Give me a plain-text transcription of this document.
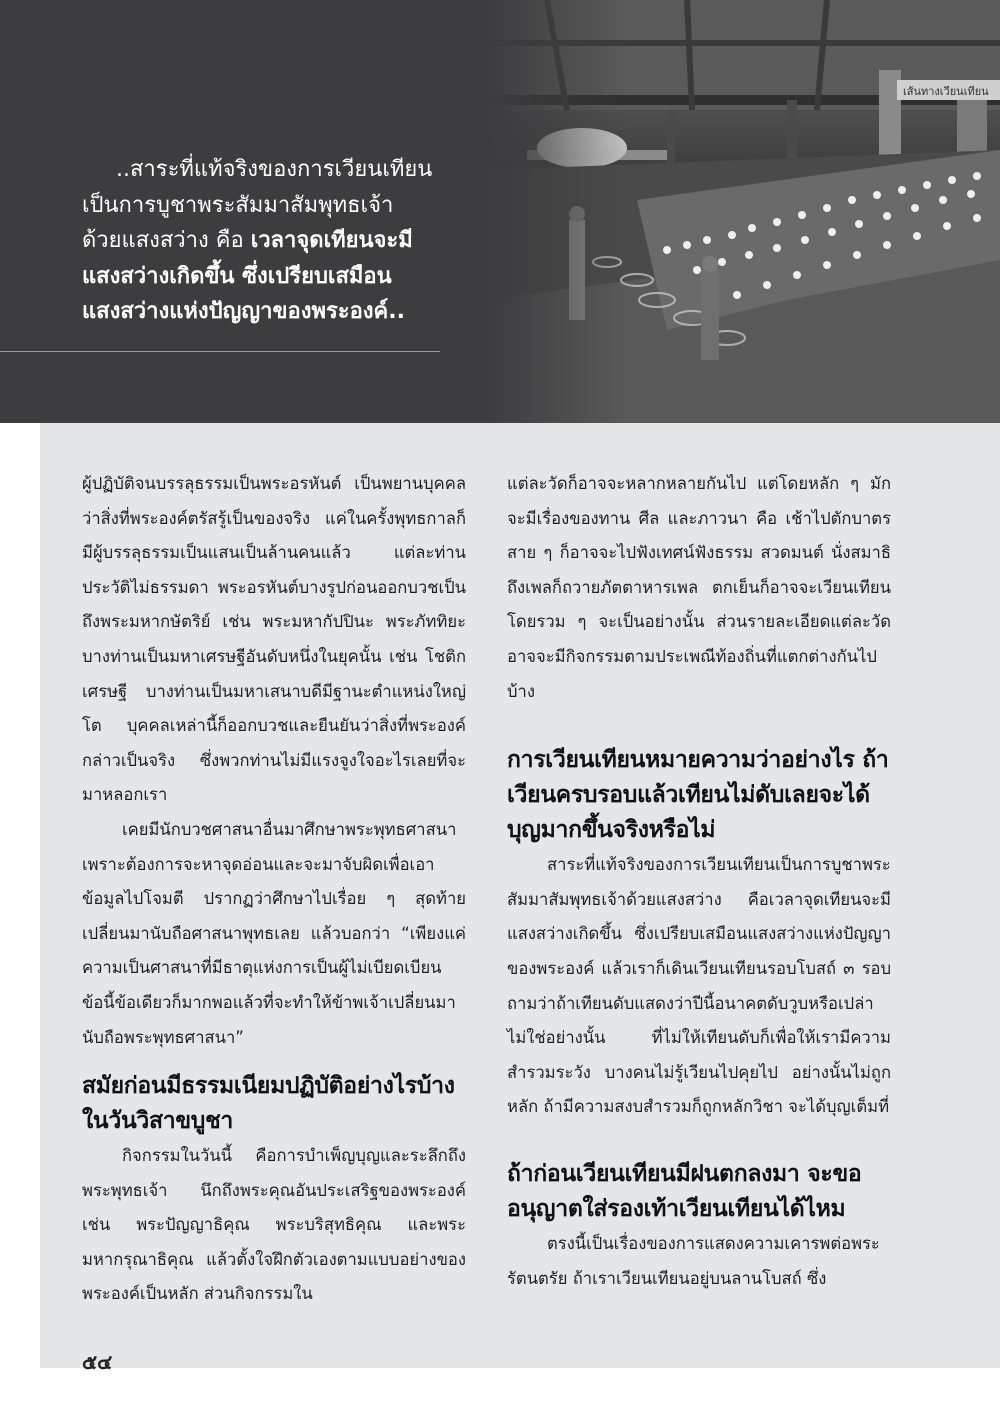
เส้นทางเวียนเทียน
..สาระที่แท้จริงของการเวียนเทียน
เป็นการบูชาพระสัมมาสัมพุทธเจ้า
ด้วยแสงสว่าง คือ เวลาจุดเทียนจะมี
แสงสว่างเกิดขึ้น ซึ่งเปรียบเสมือน
แสงสว่างแห่งปัญญาของพระองค์..

ผู้ปฏิบัติจนบรรลุธรรมเป็นพระอรหันต์ เป็นพยานบุคคลว่าสิ่งที่พระองค์ตรัสรู้เป็นของจริง แค่ในครั้งพุทธกาลก็มีผู้บรรลุธรรมเป็นแสนเป็นล้านคนแล้ว แต่ละท่านประวัติไม่ธรรมดา พระอรหันต์บางรูปก่อนออกบวชเป็นถึงพระมหากษัตริย์ เช่น พระมหากัปปินะ พระภัททิยะ บางท่านเป็นมหาเศรษฐีอันดับหนึ่งในยุคนั้น เช่น โชติกเศรษฐี บางท่านเป็นมหาเสนาบดีมีฐานะตำแหน่งใหญ่โต บุคคลเหล่านี้ก็ออกบวชและยืนยันว่าสิ่งที่พระองค์กล่าวเป็นจริง ซึ่งพวกท่านไม่มีแรงจูงใจอะไรเลยที่จะมาหลอกเรา

เคยมีนักบวชศาสนาอื่นมาศึกษาพระพุทธศาสนา เพราะต้องการจะหาจุดอ่อนและจะมาจับผิดเพื่อเอาข้อมูลไปโจมตี ปรากฏว่าศึกษาไปเรื่อย ๆ สุดท้ายเปลี่ยนมานับถือศาสนาพุทธเลย แล้วบอกว่า “เพียงแค่ความเป็นศาสนาที่มีธาตุแห่งการเป็นผู้ไม่เบียดเบียน ข้อนี้ข้อเดียวก็มากพอแล้วที่จะทำให้ข้าพเจ้าเปลี่ยนมานับถือพระพุทธศาสนา”

สมัยก่อนมีธรรมเนียมปฏิบัติอย่างไรบ้างในวันวิสาขบูชา

กิจกรรมในวันนี้ คือการบำเพ็ญบุญและระลึกถึงพระพุทธเจ้า นึกถึงพระคุณอันประเสริฐของพระองค์ เช่น พระปัญญาธิคุณ พระบริสุทธิคุณ และพระมหากรุณาธิคุณ แล้วตั้งใจฝึกตัวเองตามแบบอย่างของพระองค์เป็นหลัก ส่วนกิจกรรมใน

แต่ละวัดก็อาจจะหลากหลายกันไป แต่โดยหลัก ๆ มักจะมีเรื่องของทาน ศีล และภาวนา คือ เช้าไปตักบาตร สาย ๆ ก็อาจจะไปฟังเทศน์ฟังธรรม สวดมนต์ นั่งสมาธิ ถึงเพลก็ถวายภัตตาหารเพล ตกเย็นก็อาจจะเวียนเทียน โดยรวม ๆ จะเป็นอย่างนั้น ส่วนรายละเอียดแต่ละวัดอาจจะมีกิจกรรมตามประเพณีท้องถิ่นที่แตกต่างกันไปบ้าง

การเวียนเทียนหมายความว่าอย่างไร ถ้าเวียนครบรอบแล้วเทียนไม่ดับเลยจะได้บุญมากขึ้นจริงหรือไม่

สาระที่แท้จริงของการเวียนเทียนเป็นการบูชาพระสัมมาสัมพุทธเจ้าด้วยแสงสว่าง คือเวลาจุดเทียนจะมีแสงสว่างเกิดขึ้น ซึ่งเปรียบเสมือนแสงสว่างแห่งปัญญาของพระองค์ แล้วเราก็เดินเวียนเทียนรอบโบสถ์ ๓ รอบ ถามว่าถ้าเทียนดับแสดงว่าปีนี้อนาคตดับวูบหรือเปล่า ไม่ใช่อย่างนั้น ที่ไม่ให้เทียนดับก็เพื่อให้เรามีความสำรวมระวัง บางคนไม่รู้เวียนไปคุยไป อย่างนั้นไม่ถูกหลัก ถ้ามีความสงบสำรวมก็ถูกหลักวิชา จะได้บุญเต็มที่

ถ้าก่อนเวียนเทียนมีฝนตกลงมา จะขออนุญาตใส่รองเท้าเวียนเทียนได้ไหม

ตรงนี้เป็นเรื่องของการแสดงความเคารพต่อพระรัตนตรัย ถ้าเราเวียนเทียนอยู่บนลานโบสถ์ ซึ่ง

๕๔
